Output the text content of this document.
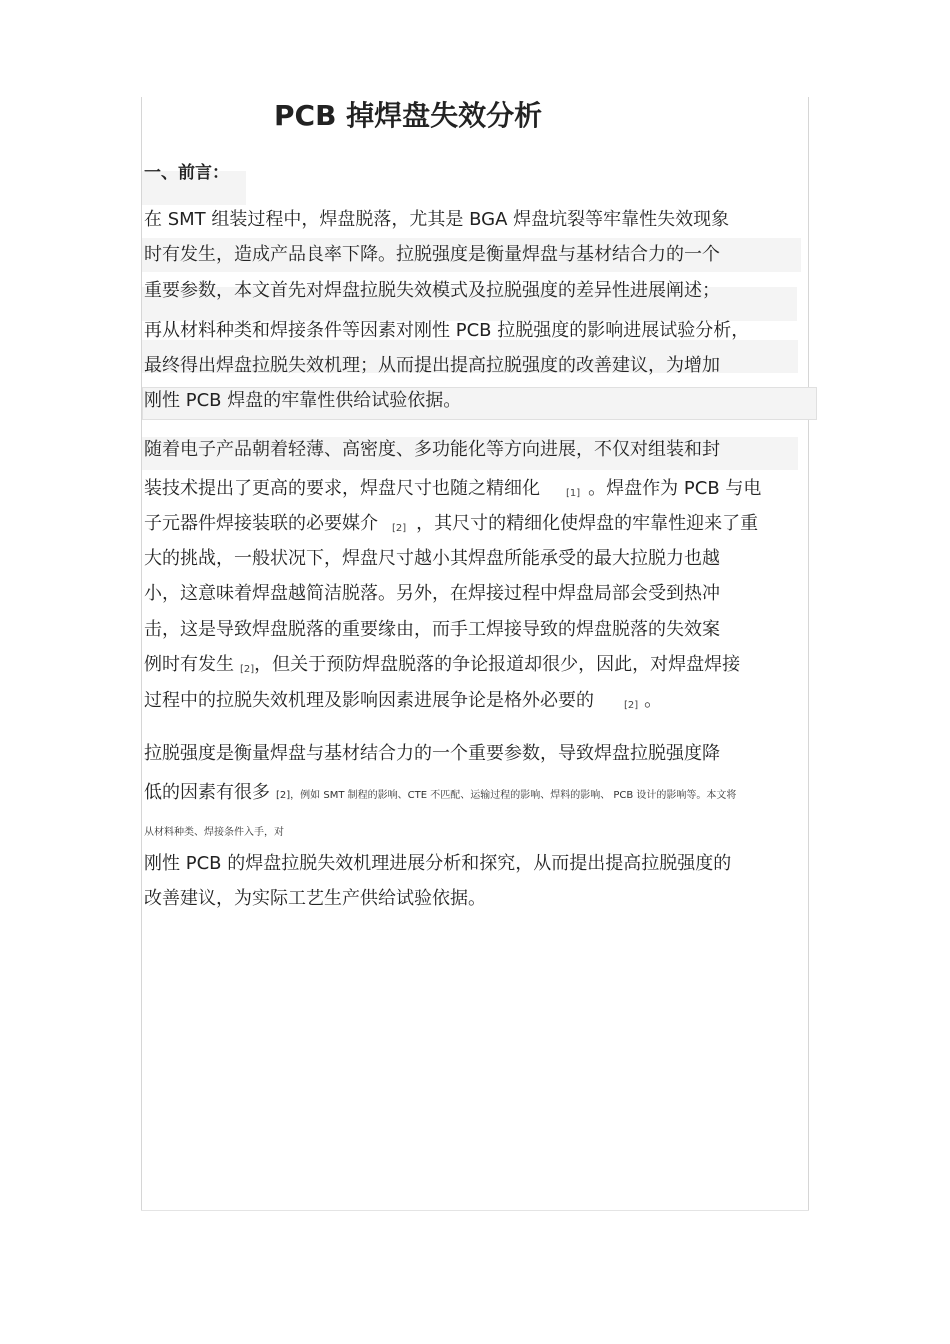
PCB 掉焊盘失效分析
一、前言：
在 SMT 组装过程中，焊盘脱落，尤其是 BGA 焊盘坑裂等牢靠性失效现象
时有发生，造成产品良率下降。拉脱强度是衡量焊盘与基材结合力的一个
重要参数，本文首先对焊盘拉脱失效模式及拉脱强度的差异性进展阐述；
再从材料种类和焊接条件等因素对刚性 PCB 拉脱强度的影响进展试验分析，
最终得出焊盘拉脱失效机理；从而提出提高拉脱强度的改善建议，为增加
刚性 PCB 焊盘的牢靠性供给试验依据。
随着电子产品朝着轻薄、高密度、多功能化等方向进展，不仅对组装和封
装技术提出了更高的要求，焊盘尺寸也随之精细化	[1] 。焊盘作为 PCB 与电
子元器件焊接装联的必要媒介 [2] ，其尺寸的精细化使焊盘的牢靠性迎来了重
大的挑战，一般状况下，焊盘尺寸越小其焊盘所能承受的最大拉脱力也越
小，这意味着焊盘越简洁脱落。另外，在焊接过程中焊盘局部会受到热冲
击，这是导致焊盘脱落的重要缘由，而手工焊接导致的焊盘脱落的失效案
例时有发生 [2]，但关于预防焊盘脱落的争论报道却很少，因此，对焊盘焊接
过程中的拉脱失效机理及影响因素进展争论是格外必要的	[2] 。
拉脱强度是衡量焊盘与基材结合力的一个重要参数，导致焊盘拉脱强度降
低的因素有很多 [2]，例如 SMT 制程的影响、CTE 不匹配、运输过程的影响、焊料的影响、 PCB 设计的影响等。本文将
从材料种类、焊接条件入手，对
刚性 PCB 的焊盘拉脱失效机理进展分析和探究，从而提出提高拉脱强度的
改善建议，为实际工艺生产供给试验依据。
